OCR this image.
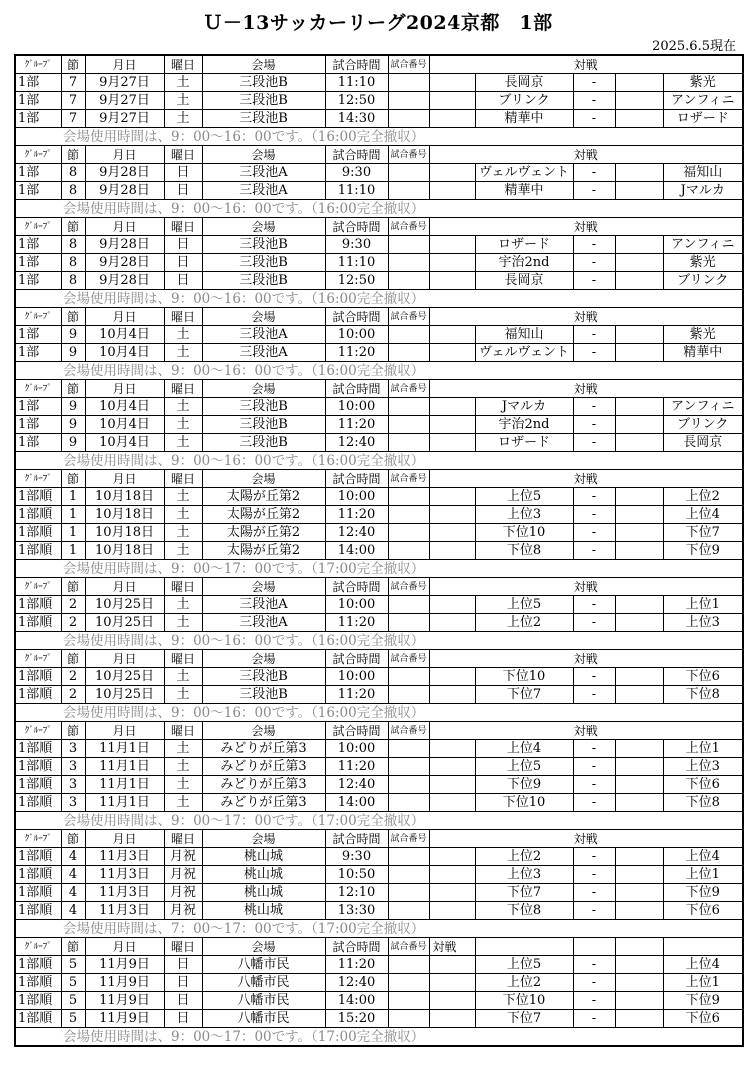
Ｕ－13サッカーリーグ2024京都　1部
2025.6.5現在
ｸﾞﾙｰﾌﾟ	節	月日	曜日	会場	試合時間	試合番号	対戦				
1部	7	9月27日	土	三段池B	11:10			長岡京	-		紫光
1部	7	9月27日	土	三段池B	12:50			ブリンク	-		アンフィニ
1部	7	9月27日	土	三段池B	14:30			精華中	-		ロザード
	会場使用時間は、9：00～16：00です。（16:00完全撤収）										
ｸﾞﾙｰﾌﾟ	節	月日	曜日	会場	試合時間	試合番号	対戦				
1部	8	9月28日	日	三段池A	9:30			ヴェルヴェント	-		福知山
1部	8	9月28日	日	三段池A	11:10			精華中	-		Jマルカ
	会場使用時間は、9：00～16：00です。（16:00完全撤収）										
ｸﾞﾙｰﾌﾟ	節	月日	曜日	会場	試合時間	試合番号	対戦				
1部	8	9月28日	日	三段池B	9:30			ロザード	-		アンフィニ
1部	8	9月28日	日	三段池B	11:10			宇治2nd	-		紫光
1部	8	9月28日	日	三段池B	12:50			長岡京	-		ブリンク
	会場使用時間は、9：00～16：00です。（16:00完全撤収）										
ｸﾞﾙｰﾌﾟ	節	月日	曜日	会場	試合時間	試合番号	対戦				
1部	9	10月4日	土	三段池A	10:00			福知山	-		紫光
1部	9	10月4日	土	三段池A	11:20			ヴェルヴェント	-		精華中
	会場使用時間は、9：00～16：00です。（16:00完全撤収）										
ｸﾞﾙｰﾌﾟ	節	月日	曜日	会場	試合時間	試合番号	対戦				
1部	9	10月4日	土	三段池B	10:00			Jマルカ	-		アンフィニ
1部	9	10月4日	土	三段池B	11:20			宇治2nd	-		ブリンク
1部	9	10月4日	土	三段池B	12:40			ロザード	-		長岡京
	会場使用時間は、9：00～16：00です。（16:00完全撤収）										
ｸﾞﾙｰﾌﾟ	節	月日	曜日	会場	試合時間	試合番号	対戦				
1部順	1	10月18日	土	太陽が丘第2	10:00			上位5	-		上位2
1部順	1	10月18日	土	太陽が丘第2	11:20			上位3	-		上位4
1部順	1	10月18日	土	太陽が丘第2	12:40			下位10	-		下位7
1部順	1	10月18日	土	太陽が丘第2	14:00			下位8	-		下位9
	会場使用時間は、9：00～17：00です。（17:00完全撤収）										
ｸﾞﾙｰﾌﾟ	節	月日	曜日	会場	試合時間	試合番号	対戦				
1部順	2	10月25日	土	三段池A	10:00			上位5	-		上位1
1部順	2	10月25日	土	三段池A	11:20			上位2	-		上位3
	会場使用時間は、9：00～16：00です。（16:00完全撤収）										
ｸﾞﾙｰﾌﾟ	節	月日	曜日	会場	試合時間	試合番号	対戦				
1部順	2	10月25日	土	三段池B	10:00			下位10	-		下位6
1部順	2	10月25日	土	三段池B	11:20			下位7	-		下位8
	会場使用時間は、9：00～16：00です。（16:00完全撤収）										
ｸﾞﾙｰﾌﾟ	節	月日	曜日	会場	試合時間	試合番号	対戦				
1部順	3	11月1日	土	みどりが丘第3	10:00			上位4	-		上位1
1部順	3	11月1日	土	みどりが丘第3	11:20			上位5	-		上位3
1部順	3	11月1日	土	みどりが丘第3	12:40			下位9	-		下位6
1部順	3	11月1日	土	みどりが丘第3	14:00			下位10	-		下位8
	会場使用時間は、9：00～17：00です。（17:00完全撤収）										
ｸﾞﾙｰﾌﾟ	節	月日	曜日	会場	試合時間	試合番号	対戦				
1部順	4	11月3日	月祝	桃山城	9:30			上位2	-		上位4
1部順	4	11月3日	月祝	桃山城	10:50			上位3	-		上位1
1部順	4	11月3日	月祝	桃山城	12:10			下位7	-		下位9
1部順	4	11月3日	月祝	桃山城	13:30			下位8	-		下位6
	会場使用時間は、7：00～17：00です。（17:00完全撤収）										
ｸﾞﾙｰﾌﾟ	節	月日	曜日	会場	試合時間	試合番号	対戦				
1部順	5	11月9日	日	八幡市民	11:20			上位5	-		上位4
1部順	5	11月9日	日	八幡市民	12:40			上位2	-		上位1
1部順	5	11月9日	日	八幡市民	14:00			下位10	-		下位9
1部順	5	11月9日	日	八幡市民	15:20			下位7	-		下位6
	会場使用時間は、9：00～17：00です。（17:00完全撤収）										
